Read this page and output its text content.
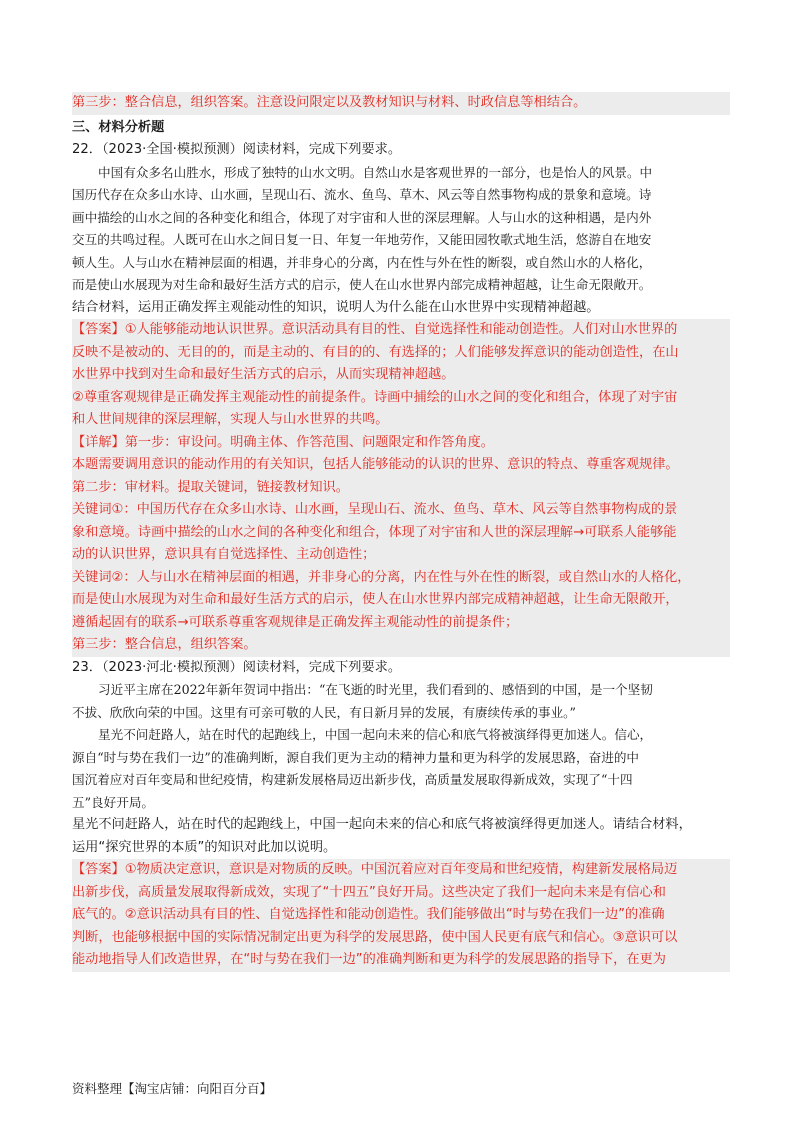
第三步：整合信息，组织答案。注意设问限定以及教材知识与材料、时政信息等相结合。
三、材料分析题
22．（2023·全国·模拟预测）阅读材料，完成下列要求。
中国有众多名山胜水，形成了独特的山水文明。自然山水是客观世界的一部分，也是怡人的风景。中
国历代存在众多山水诗、山水画，呈现山石、流水、鱼鸟、草木、风云等自然事物构成的景象和意境。诗
画中描绘的山水之间的各种变化和组合，体现了对宇宙和人世的深层理解。人与山水的这种相遇，是内外
交互的共鸣过程。人既可在山水之间日复一日、年复一年地劳作，又能田园牧歌式地生活，悠游自在地安
顿人生。人与山水在精神层面的相遇，并非身心的分离，内在性与外在性的断裂，或自然山水的人格化，
而是使山水展现为对生命和最好生活方式的启示，使人在山水世界内部完成精神超越，让生命无限敞开。
结合材料，运用正确发挥主观能动性的知识，说明人为什么能在山水世界中实现精神超越。
【答案】①人能够能动地认识世界。意识活动具有目的性、自觉选择性和能动创造性。人们对山水世界的
反映不是被动的、无目的的，而是主动的、有目的的、有选择的；人们能够发挥意识的能动创造性，在山
水世界中找到对生命和最好生活方式的启示，从而实现精神超越。
②尊重客观规律是正确发挥主观能动性的前提条件。诗画中捕绘的山水之间的变化和组合，体现了对宇宙
和人世间规律的深层理解，实现人与山水世界的共鸣。
【详解】第一步：审设问。明确主体、作答范围、问题限定和作答角度。
本题需要调用意识的能动作用的有关知识，包括人能够能动的认识的世界、意识的特点、尊重客观规律。
第二步：审材料。提取关键词，链接教材知识。
关键词①：中国历代存在众多山水诗、山水画，呈现山石、流水、鱼鸟、草木、风云等自然事物构成的景
象和意境。诗画中描绘的山水之间的各种变化和组合，体现了对宇宙和人世的深层理解→可联系人能够能
动的认识世界，意识具有自觉选择性、主动创造性；
关键词②：人与山水在精神层面的相遇，并非身心的分离，内在性与外在性的断裂，或自然山水的人格化，
而是使山水展现为对生命和最好生活方式的启示，使人在山水世界内部完成精神超越，让生命无限敞开，
遵循起固有的联系→可联系尊重客观规律是正确发挥主观能动性的前提条件；
第三步：整合信息，组织答案。
23．（2023·河北·模拟预测）阅读材料，完成下列要求。
习近平主席在2022年新年贺词中指出：“在飞逝的时光里，我们看到的、感悟到的中国，是一个坚韧
不拔、欣欣向荣的中国。这里有可亲可敬的人民，有日新月异的发展，有赓续传承的事业。”
星光不问赶路人，站在时代的起跑线上，中国一起向未来的信心和底气将被演绎得更加迷人。信心，
源自“时与势在我们一边”的准确判断，源自我们更为主动的精神力量和更为科学的发展思路，奋进的中
国沉着应对百年变局和世纪疫情，构建新发展格局迈出新步伐，高质量发展取得新成效，实现了“十四
五”良好开局。
星光不问赶路人，站在时代的起跑线上，中国一起向未来的信心和底气将被演绎得更加迷人。请结合材料，
运用“探究世界的本质”的知识对此加以说明。
【答案】①物质决定意识，意识是对物质的反映。中国沉着应对百年变局和世纪疫情，构建新发展格局迈
出新步伐，高质量发展取得新成效，实现了“十四五”良好开局。这些决定了我们一起向未来是有信心和
底气的。②意识活动具有目的性、自觉选择性和能动创造性。我们能够做出“时与势在我们一边”的准确
判断，也能够根据中国的实际情况制定出更为科学的发展思路，使中国人民更有底气和信心。③意识可以
能动地指导人们改造世界，在“时与势在我们一边”的准确判断和更为科学的发展思路的指导下，在更为
资料整理【淘宝店铺：向阳百分百】
